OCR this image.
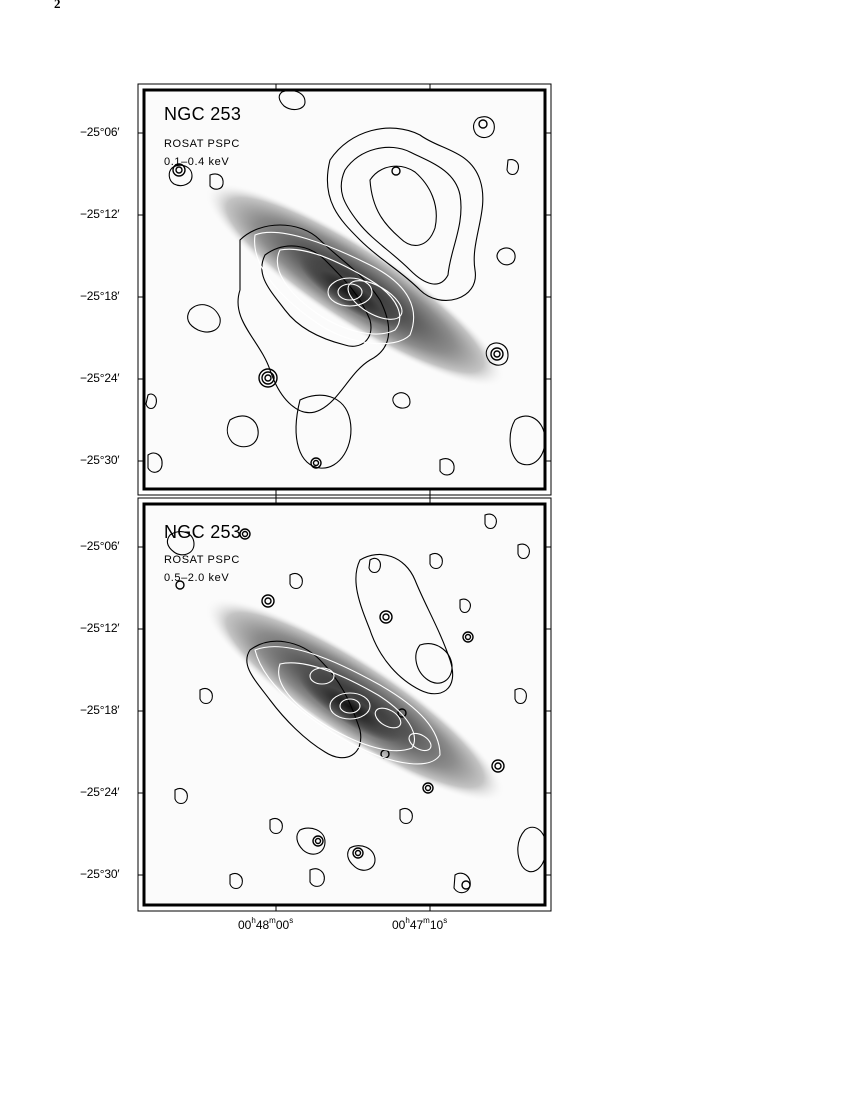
2
−25°06′
−25°12′
−25°18′
−25°24′
−25°30′
−25°06′
−25°12′
−25°18′
−25°24′
−25°30′
00$^h$48$^m$00$^s$	00$^h$47$^m$10$^s$
NGC 253
ROSAT PSPC
0.1–0.4 keV
NGC 253
ROSAT PSPC
0.5–2.0 keV
